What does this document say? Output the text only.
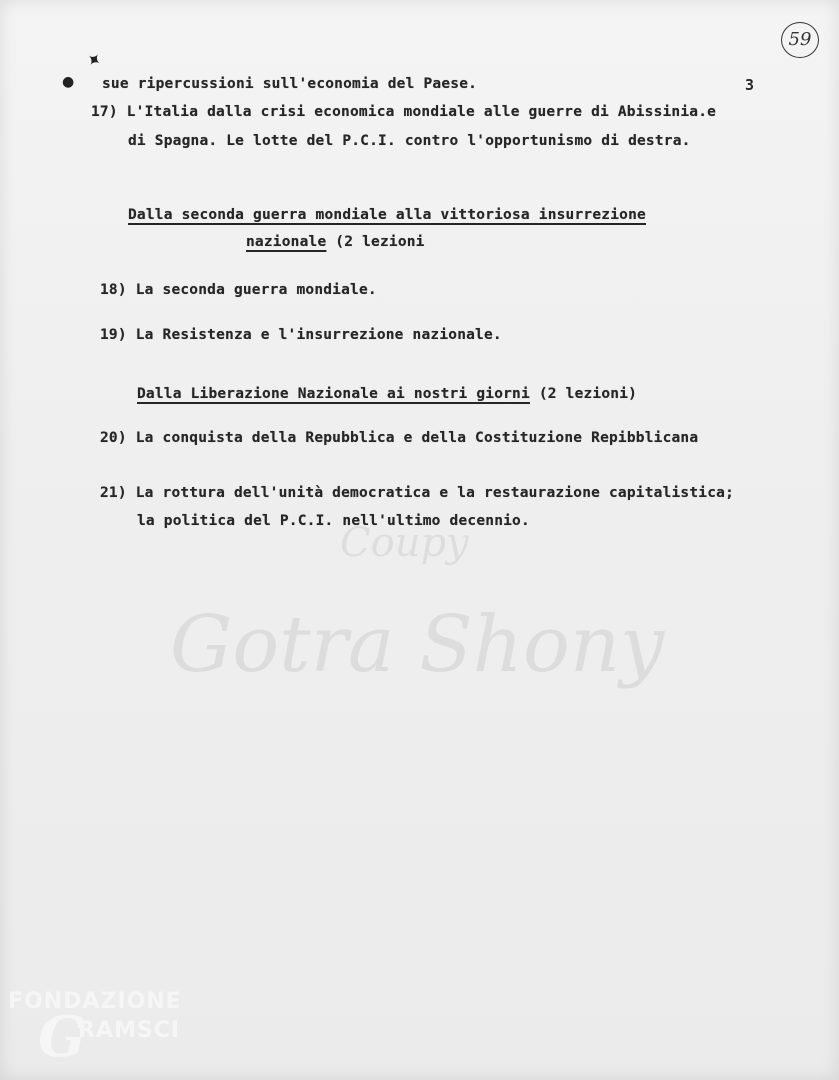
59
✦
● sue ripercussioni sull'economia del Paese.	3
17) L'Italia dalla crisi economica mondiale alle guerre di Abissinia.e
di Spagna. Le lotte del P.C.I. contro l'opportunismo di destra.
Dalla seconda guerra mondiale alla vittoriosa insurrezione
nazionale (2 lezioni
18) La seconda guerra mondiale.
19) La Resistenza e l'insurrezione nazionale.
Dalla Liberazione Nazionale ai nostri giorni (2 lezioni)
20) La conquista della Repubblica e della Costituzione Repibblicana
21) La rottura dell'unità democratica e la restaurazione capitalistica;
la politica del P.C.I. nell'ultimo decennio.
Coupy
Gotra Shony
FONDAZIONE
G
RAMSCI
